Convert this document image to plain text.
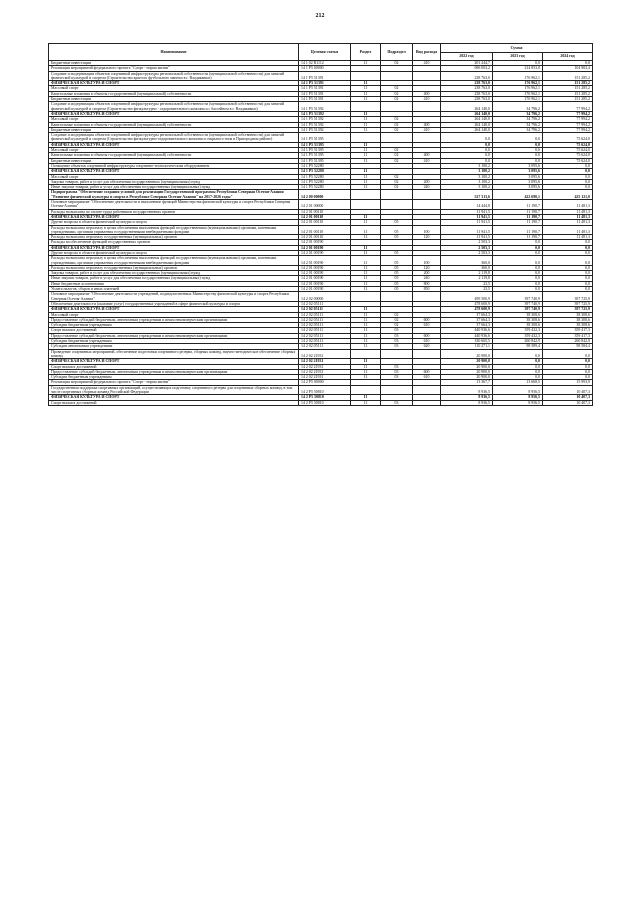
212
Наименование	Целевая статья	Раздел	Подраздел	Вид расхода	Сумма		
					2022 год	2023 год	2024 год
Бюджетные инвестиции	14 1 02 R1112	11	02	410	201 244,7	0,0	0,0
Реализация мероприятий федерального проекта "Спорт - норма жизни"	14 1 P5 00000				696 003,2	214 853,0	104 903,4
Создание и модернизация объектов спортивной инфраструктуры региональной собственности (муниципальной собственности) для занятий физической культурой и спортом (Строительство крытого футбольного манежа в г. Владикавказ)	14 1 P5 51391				238 763,0	176 962,1	151 285,2
ФИЗИЧЕСКАЯ КУЛЬТУРА И СПОРТ	14 1 P5 51391	11			238 763,0	176 962,1	151 285,2
Массовый спорт	14 1 P5 51391	11	02		238 763,0	176 962,1	151 285,2
Капитальные вложения в объекты государственной (муниципальной) собственности	14 1 P5 51391	11	02	400	238 763,0	176 962,1	151 285,2
Бюджетные инвестиции	14 1 P5 51391	11	02	410	238 763,0	176 962,1	151 285,2
Создание и модернизация объектов спортивной инфраструктуры региональной собственности (муниципальной собственности) для занятий физической культурой и спортом (Строительство физкультурно - оздоровительного комплекса с бассейном в г. Владикавказ)	14 1 P5 51392				264 140,0	34 796,2	77 994,2
ФИЗИЧЕСКАЯ КУЛЬТУРА И СПОРТ	14 1 P5 51392	11			264 140,0	34 796,2	77 994,2
Массовый спорт	14 1 P5 51392	11	02		264 140,0	34 796,2	77 994,2
Капитальные вложения в объекты государственной (муниципальной) собственности	14 1 P5 51392	11	02	400	264 140,0	34 796,2	77 994,2
Бюджетные инвестиции	14 1 P5 51392	11	02	410	264 140,0	34 796,2	77 994,2
Создание и модернизация объектов спортивной инфраструктуры региональной собственности (муниципальной собственности) для занятий физической культурой и спортом (Строительство физкультурно-оздоровительного комплекса открытого типа в Пригородном районе)	14 1 P5 51395				0,0	0,0	75 624,0
ФИЗИЧЕСКАЯ КУЛЬТУРА И СПОРТ	14 1 P5 51395	11			0,0	0,0	75 624,0
Массовый спорт	14 1 P5 51395	11	02		0,0	0,0	75 624,0
Капитальные вложения в объекты государственной (муниципальной) собственности	14 1 P5 51395	11	02	400	0,0	0,0	75 624,0
Бюджетные инвестиции	14 1 P5 51395	11	02	410	0,0	0,0	75 624,0
Оснащение объектов спортивной инфраструктуры спортивно-технологическим оборудованием	14 1 P5 52280				3 100,2	3 095,6	0,0
ФИЗИЧЕСКАЯ КУЛЬТУРА И СПОРТ	14 1 P5 52280	11			3 100,2	3 095,6	0,0
Массовый спорт	14 1 P5 52280	11	02		3 100,2	3 095,6	0,0
Закупка товаров, работ и услуг для обеспечения государственных (муниципальных) нужд	14 1 P5 52280	11	02	200	3 100,2	3 095,6	0,0
Иные закупки товаров, работ и услуг для обеспечения государственных (муниципальных) нужд	14 1 P5 52280	11	02	240	3 100,2	3 095,6	0,0
Подпрограмма "Обеспечение создания условий для реализации Государственной программы Республики Северная Осетия-Алания "Развитие физической культуры и спорта в Республике Северная Осетия-Алания" на 2017-2026 годы"	14 2 00 00000				527 313,6	422 690,1	425 121,0
Основное мероприятие "Обеспечение деятельности и выполнение функций Министерства физической культуры и спорта Республики Северная Осетия-Алания"	14 2 01 00000				14 444,8	11 190,7	11 481,3
Расходы на выплаты по оплате труда работников государственных органов	14 2 01 00110				11 941,5	11 190,7	11 481,3
ФИЗИЧЕСКАЯ КУЛЬТУРА И СПОРТ	14 2 01 00110	11			11 941,5	11 190,7	11 481,3
Другие вопросы в области физической культуры и спорта	14 2 01 00110	11	05		11 941,5	11 190,7	11 481,3
Расходы на выплаты персоналу в целях обеспечения выполнения функций государственными (муниципальными) органами, казенными учреждениями, органами управления государственными внебюджетными фондами	14 2 01 00110	11	05	100	11 941,5	11 190,7	11 481,3
Расходы на выплаты персоналу государственных (муниципальных) органов	14 2 01 00110	11	05	120	11 941,5	11 190,7	11 481,3
Расходы на обеспечение функций государственных органов	14 2 01 00190				2 503,3	0,0	0,0
ФИЗИЧЕСКАЯ КУЛЬТУРА И СПОРТ	14 2 01 00190	11			2 503,3	0,0	0,0
Другие вопросы в области физической культуры и спорта	14 2 01 00190	11	05		2 503,3	0,0	0,0
Расходы на выплаты персоналу в целях обеспечения выполнения функций государственными (муниципальными) органами, казенными учреждениями, органами управления государственными внебюджетными фондами	14 2 01 00190	11	05	100	360,0	0,0	0,0
Расходы на выплаты персоналу государственных (муниципальных) органов	14 2 01 00190	11	05	120	360,0	0,0	0,0
Закупка товаров, работ и услуг для обеспечения государственных (муниципальных) нужд	14 2 01 00190	11	05	200	2 119,8	0,0	0,0
Иные закупки товаров, работ и услуг для обеспечения государственных (муниципальных) нужд	14 2 01 00190	11	05	240	2 119,8	0,0	0,0
Иные бюджетные ассигнования	14 2 01 00190	11	05	800	23,5	0,0	0,0
Уплата налогов, сборов и иных платежей	14 2 01 00190	11	05	850	23,5	0,0	0,0
Основное мероприятие "Обеспечение деятельности учреждений, подведомственных Министерству физической культуры и спорта Республики Северная Осетия-Алания"	14 2 02 00000				499 500,9	397 740,9	397 725,9
Обеспечение деятельности (оказание услуг) государственных учреждений в сфере физической культуры и спорта	14 2 02 05111				478 600,9	397 740,9	397 725,9
ФИЗИЧЕСКАЯ КУЛЬТУРА И СПОРТ	14 2 02 05111	11			478 600,9	397 740,9	397 725,9
Массовый спорт	14 2 02 05111	11	02		37 664,3	38 308,6	38 308,6
Предоставление субсидий бюджетным, автономным учреждениям и иным некоммерческим организациям	14 2 02 05111	11	02	600	37 664,3	38 308,6	38 308,6
Субсидии бюджетным учреждениям	14 2 02 05111	11	02	610	37 664,3	38 308,6	38 308,6
Спорт высших достижений	14 2 02 05111	11	03		440 936,6	359 432,3	359 417,3
Предоставление субсидий бюджетным, автономным учреждениям и иным некоммерческим организациям	14 2 02 05111	11	03	600	440 936,6	359 432,3	359 417,3
Субсидии бюджетным учреждениям	14 2 02 05111	11	03	610	330 665,5	260 842,9	260 842,9
Субсидии автономным учреждениям	14 2 02 05111	11	03	620	110 271,1	98 589,4	98 584,4
Проведение спортивных мероприятий, обеспечение подготовки спортивного резерва, сборных команд, научно-методическое обеспечение сборных команд	14 2 02 21931				20 900,0	0,0	0,0
ФИЗИЧЕСКАЯ КУЛЬТУРА И СПОРТ	14 2 02 21931	11			20 900,0	0,0	0,0
Спорт высших достижений	14 2 02 21931	11	03		20 900,0	0,0	0,0
Предоставление субсидий бюджетным, автономным учреждениям и иным некоммерческим организациям	14 2 02 21931	11	03	600	20 900,0	0,0	0,0
Субсидии бюджетным учреждениям	14 2 02 21931	11	03	610	20 900,0	0,0	0,0
Реализация мероприятий федерального проекта "Спорт - норма жизни"	14 2 P5 00000				13 367,7	13 668,5	15 993,9
Государственная поддержка спортивных организаций, осуществляющих подготовку спортивного резерва для спортивных сборных команд, в том числе спортивных сборных команд Российской Федерации	14 2 P5 50810				8 936,5	8 956,5	10 407,3
ФИЗИЧЕСКАЯ КУЛЬТУРА И СПОРТ	14 2 P5 50810	11			8 936,5	8 956,5	10 407,3
Спорт высших достижений	14 2 P5 50810	11	03		8 936,5	8 956,5	10 407,3
